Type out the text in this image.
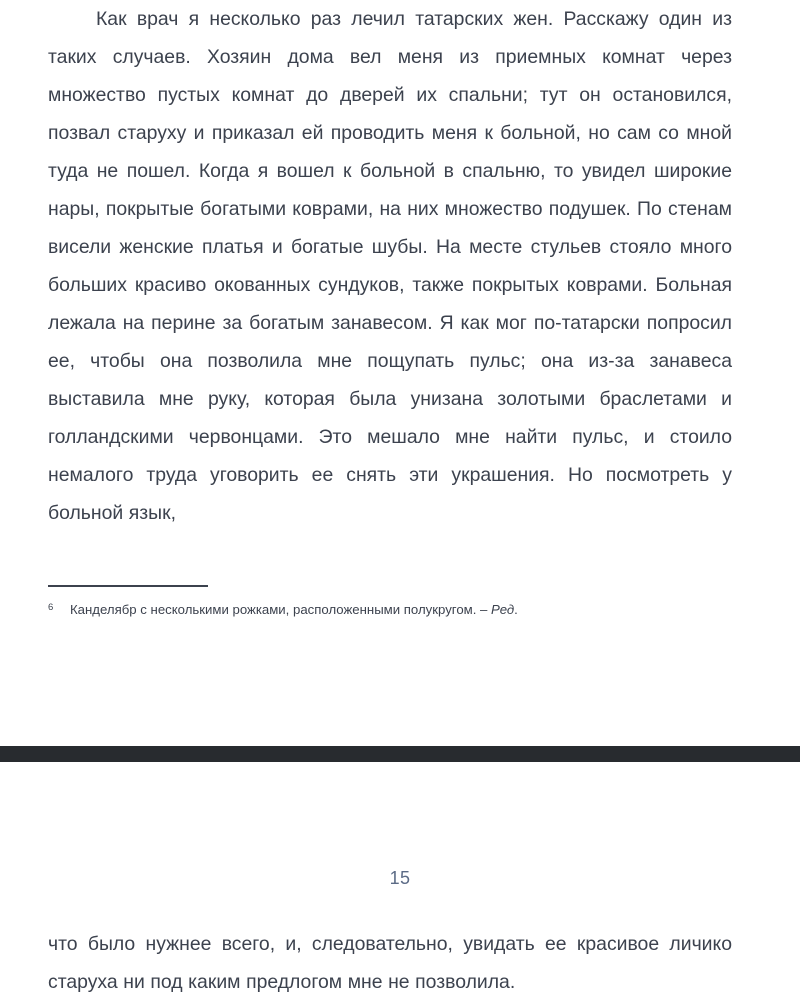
Как врач я несколько раз лечил татарских жен. Расскажу один из таких случаев. Хозяин дома вел меня из приемных комнат через множество пустых комнат до дверей их спальни; тут он остановился, позвал старуху и приказал ей проводить меня к больной, но сам со мной туда не пошел. Когда я вошел к больной в спальню, то увидел широкие нары, покрытые богатыми коврами, на них множество подушек. По стенам висели женские платья и богатые шубы. На месте стульев стояло много больших красиво окованных сундуков, также покрытых коврами. Больная лежала на перине за богатым занавесом. Я как мог по-татарски попросил ее, чтобы она позволила мне пощупать пульс; она из-за занавеса выставила мне руку, которая была унизана золотыми браслетами и голландскими червонцами. Это мешало мне найти пульс, и стоило немалого труда уговорить ее снять эти украшения. Но посмотреть у больной язык,

6	Канделябр с несколькими рожками, расположенными полукругом. – Ред.
15

что было нужнее всего, и, следовательно, увидать ее красивое личико старуха ни под каким предлогом мне не позволила.
